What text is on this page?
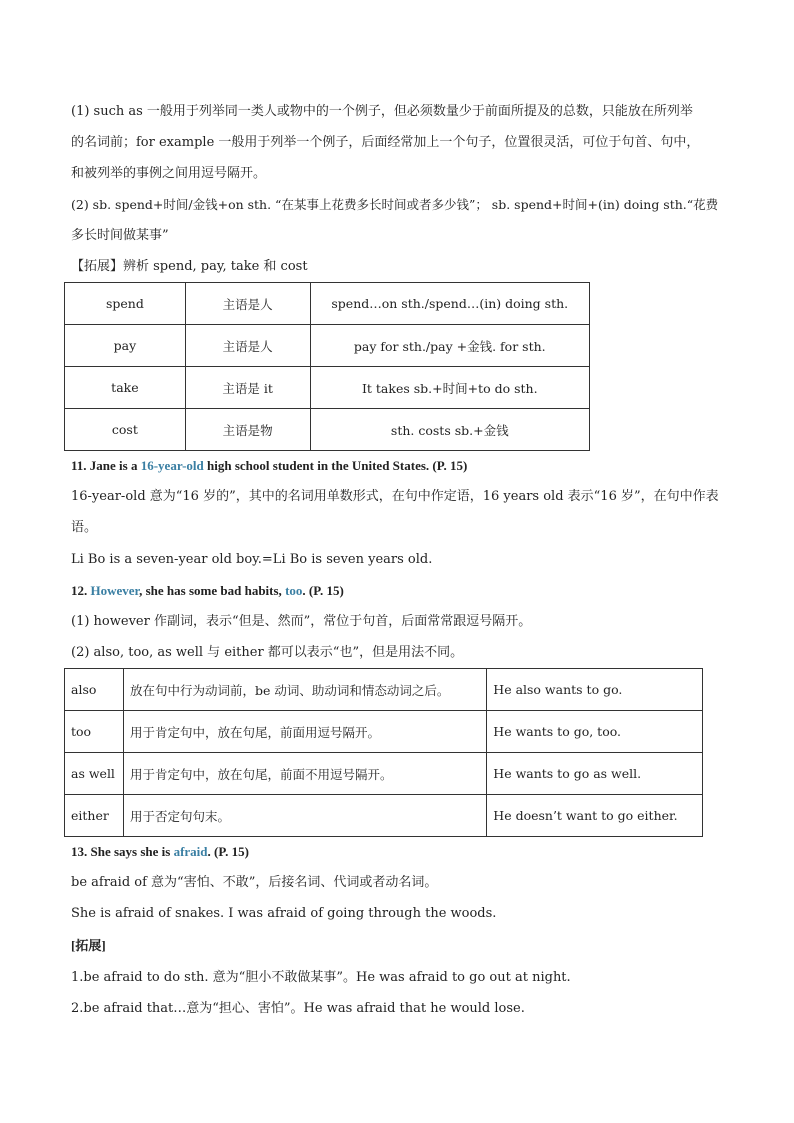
(1) such as 一般用于列举同一类人或物中的一个例子，但必须数量少于前面所提及的总数，只能放在所列举
的名词前；for example 一般用于列举一个例子，后面经常加上一个句子，位置很灵活，可位于句首、句中，
和被列举的事例之间用逗号隔开。
(2) sb. spend+时间/金钱+on sth. “在某事上花费多长时间或者多少钱”； sb. spend+时间+(in) doing sth.“花费
多长时间做某事”
【拓展】辨析 spend, pay, take 和 cost
spend	主语是人	spend…on sth./spend…(in) doing sth.
pay	主语是人	pay for sth./pay +金钱. for sth.
take	主语是 it	It takes sb.+时间+to do sth.
cost	主语是物	sth. costs sb.+金钱
11. Jane is a 16-year-old high school student in the United States. (P. 15)
16-year-old 意为“16 岁的”，其中的名词用单数形式，在句中作定语，16 years old 表示“16 岁”，在句中作表
语。
Li Bo is a seven-year old boy.=Li Bo is seven years old.
12. However, she has some bad habits, too. (P. 15)
(1) however 作副词，表示“但是、然而”，常位于句首，后面常常跟逗号隔开。
(2) also, too, as well 与 either 都可以表示“也”，但是用法不同。
also	放在句中行为动词前，be 动词、助动词和情态动词之后。	He also wants to go.
too	用于肯定句中，放在句尾，前面用逗号隔开。	He wants to go, too.
as well	用于肯定句中，放在句尾，前面不用逗号隔开。	He wants to go as well.
either	用于否定句句末。	He doesn’t want to go either.
13. She says she is afraid. (P. 15)
be afraid of 意为“害怕、不敢”，后接名词、代词或者动名词。
She is afraid of snakes. I was afraid of going through the woods.
[拓展]
1.be afraid to do sth. 意为“胆小不敢做某事”。He was afraid to go out at night.
2.be afraid that…意为“担心、害怕”。He was afraid that he would lose.
